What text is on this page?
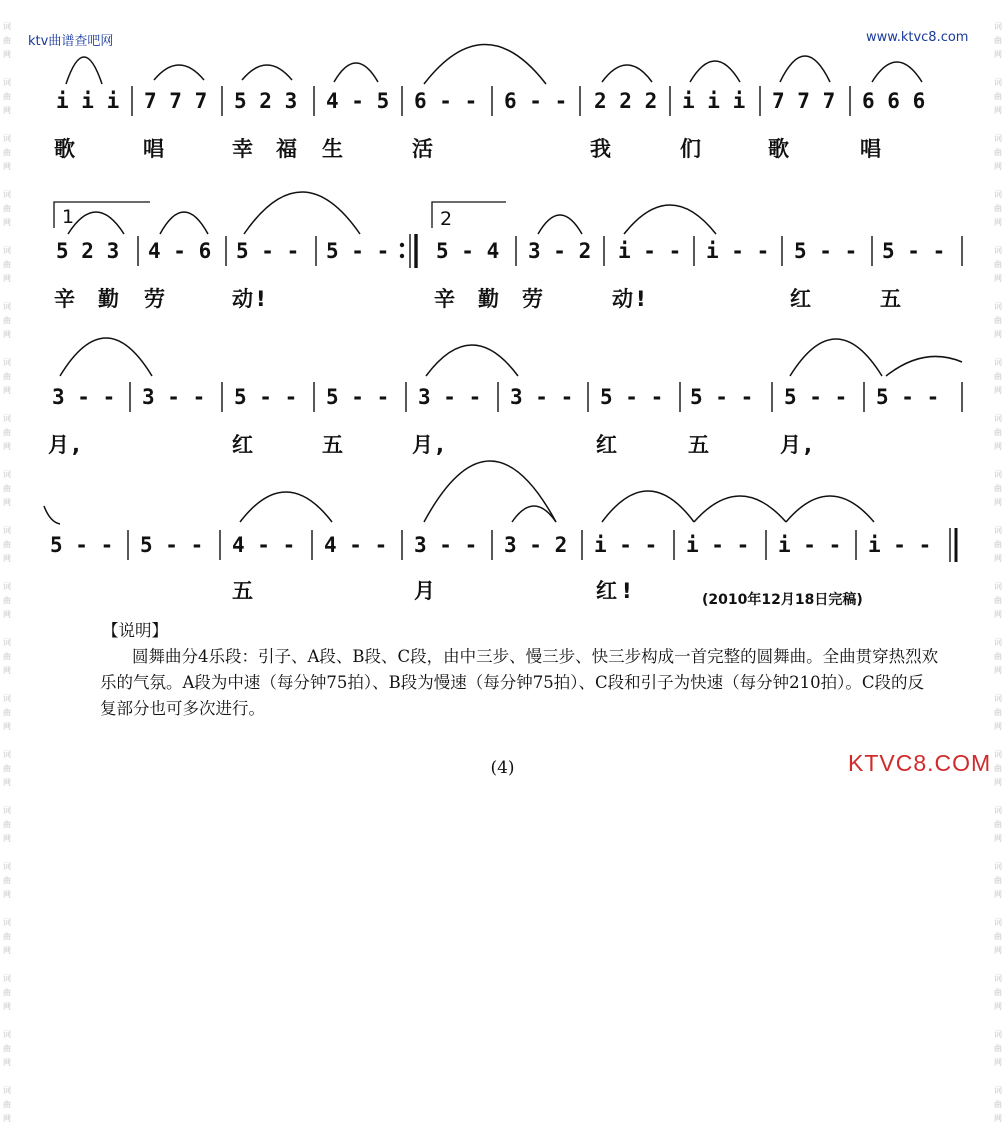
词
曲
网

词
曲
网

词
曲
网

词
曲
网

词
曲
网

词
曲
网

词
曲
网

词
曲
网

词
曲
网

词
曲
网

词
曲
网

词
曲
网

词
曲
网

词
曲
网

词
曲
网

词
曲
网

词
曲
网

词
曲
网

词
曲
网

词
曲
网
词
曲
网

词
曲
网

词
曲
网

词
曲
网

词
曲
网

词
曲
网

词
曲
网

词
曲
网

词
曲
网

词
曲
网

词
曲
网

词
曲
网

词
曲
网

词
曲
网

词
曲
网

词
曲
网

词
曲
网

词
曲
网

词
曲
网

词
曲
网
ktv曲谱查吧网	www.ktvc8.com
i i i 7 7 7 5 2 3 4 - 5 6 - - 6 - - 2 2 2 i i i 7 7 7 6 6 6
歌	唱	幸 福 生	活	我	们	歌	唱
1	2
5 2 3 4 - 6 5 - - 5 - - 5 - 4 3 - 2 i - - i - - 5 - - 5 - -
辛 勤 劳	动 !	辛 勤 劳	动 !	红	五
3 - - 3 - - 5 - - 5 - - 3 - - 3 - - 5 - - 5 - - 5 - - 5 - -
月 ,	红	五	月 ,	红	五	月 ,
5 - - 5 - - 4 - - 4 - - 3 - - 3 - 2 i - - i - - i - - i - -
五	月	红 !	(2010年12月18日完稿)
【说明】

圆舞曲分4乐段：引子、A段、B段、C段，由中三步、慢三步、快三步构成一首完整的圆舞曲。全曲贯穿热烈欢乐的气氛。A段为中速（每分钟75拍）、B段为慢速（每分钟75拍）、C段和引子为快速（每分钟210拍）。C段的反复部分也可多次进行。

(4)	KTVC8.COM
